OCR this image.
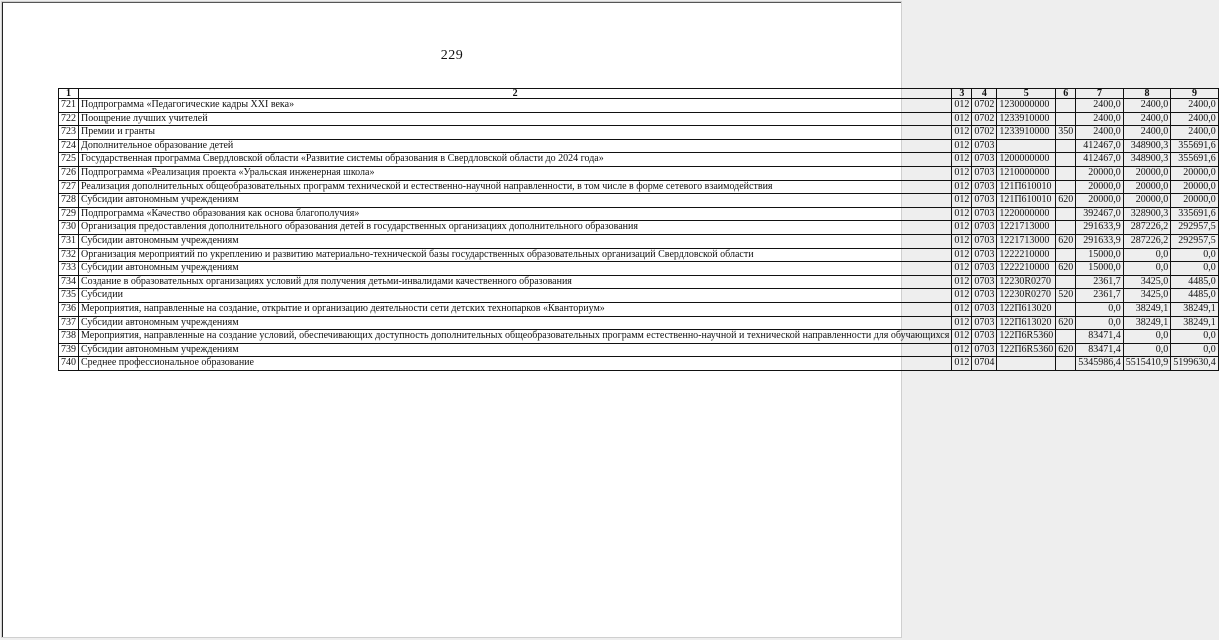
229
1	2	3	4	5	6	7	8	9
721	Подпрограмма «Педагогические кадры XXI века»	012	0702	1230000000		2400,0	2400,0	2400,0
722	Поощрение лучших учителей	012	0702	1233910000		2400,0	2400,0	2400,0
723	Премии и гранты	012	0702	1233910000	350	2400,0	2400,0	2400,0
724	Дополнительное образование детей	012	0703			412467,0	348900,3	355691,6
725	Государственная программа Свердловской области «Развитие системы образования в Свердловской области до 2024 года»	012	0703	1200000000		412467,0	348900,3	355691,6
726	Подпрограмма «Реализация проекта «Уральская инженерная школа»	012	0703	1210000000		20000,0	20000,0	20000,0
727	Реализация дополнительных общеобразовательных программ технической и естественно-научной направленности, в том числе в форме сетевого взаимодействия	012	0703	121П610010		20000,0	20000,0	20000,0
728	Субсидии автономным учреждениям	012	0703	121П610010	620	20000,0	20000,0	20000,0
729	Подпрограмма «Качество образования как основа благополучия»	012	0703	1220000000		392467,0	328900,3	335691,6
730	Организация предоставления дополнительного образования детей в государственных организациях дополнительного образования	012	0703	1221713000		291633,9	287226,2	292957,5
731	Субсидии автономным учреждениям	012	0703	1221713000	620	291633,9	287226,2	292957,5
732	Организация мероприятий по укреплению и развитию материально-технической базы государственных образовательных организаций Свердловской области	012	0703	1222210000		15000,0	0,0	0,0
733	Субсидии автономным учреждениям	012	0703	1222210000	620	15000,0	0,0	0,0
734	Создание в образовательных организациях условий для получения детьми-инвалидами качественного образования	012	0703	12230R0270		2361,7	3425,0	4485,0
735	Субсидии	012	0703	12230R0270	520	2361,7	3425,0	4485,0
736	Мероприятия, направленные на создание, открытие и организацию деятельности сети детских технопарков «Кванториум»	012	0703	122П613020		0,0	38249,1	38249,1
737	Субсидии автономным учреждениям	012	0703	122П613020	620	0,0	38249,1	38249,1
738	Мероприятия, направленные на создание условий, обеспечивающих доступность дополнительных общеобразовательных программ естественно-научной и технической направленности для обучающихся	012	0703	122П6R5360		83471,4	0,0	0,0
739	Субсидии автономным учреждениям	012	0703	122П6R5360	620	83471,4	0,0	0,0
740	Среднее профессиональное образование	012	0704			5345986,4	5515410,9	5199630,4
